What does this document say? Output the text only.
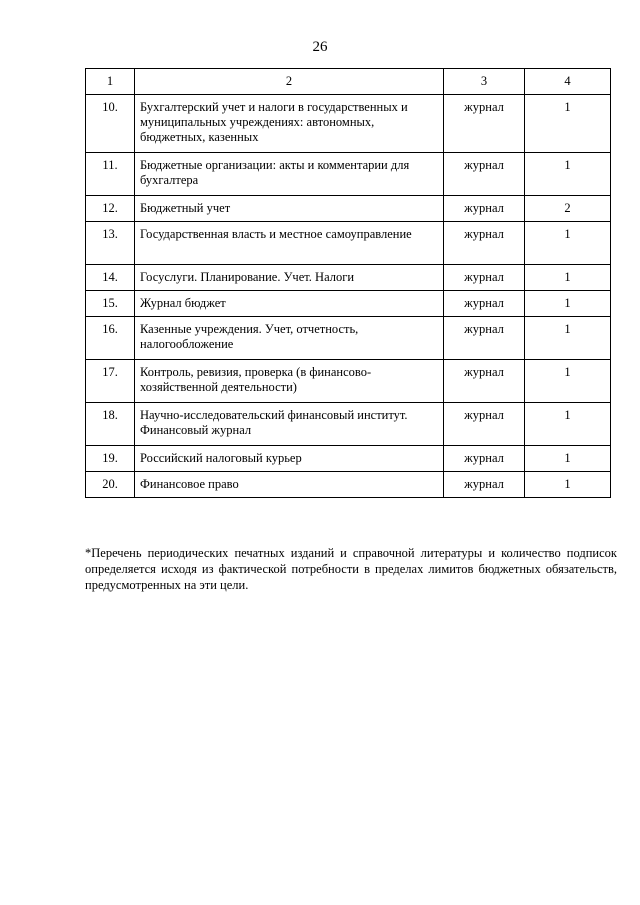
26
1	2	3	4
10.	Бухгалтерский учет и налоги в государственных и муниципальных учреждениях: автономных, бюджетных, казенных	журнал	1
11.	Бюджетные организации: акты и комментарии для бухгалтера	журнал	1
12.	Бюджетный учет	журнал	2
13.	Государственная власть и местное самоуправление	журнал	1
14.	Госуслуги. Планирование. Учет. Налоги	журнал	1
15.	Журнал бюджет	журнал	1
16.	Казенные учреждения. Учет, отчетность, налогообложение	журнал	1
17.	Контроль, ревизия, проверка (в финансово-хозяйственной деятельности)	журнал	1
18.	Научно-исследовательский финансовый институт. Финансовый журнал	журнал	1
19.	Российский налоговый курьер	журнал	1
20.	Финансовое право	журнал	1

*Перечень периодических печатных изданий и справочной литературы и количество подписок определяется исходя из фактической потребности в пределах лимитов бюджетных обязательств, предусмотренных на эти цели.
